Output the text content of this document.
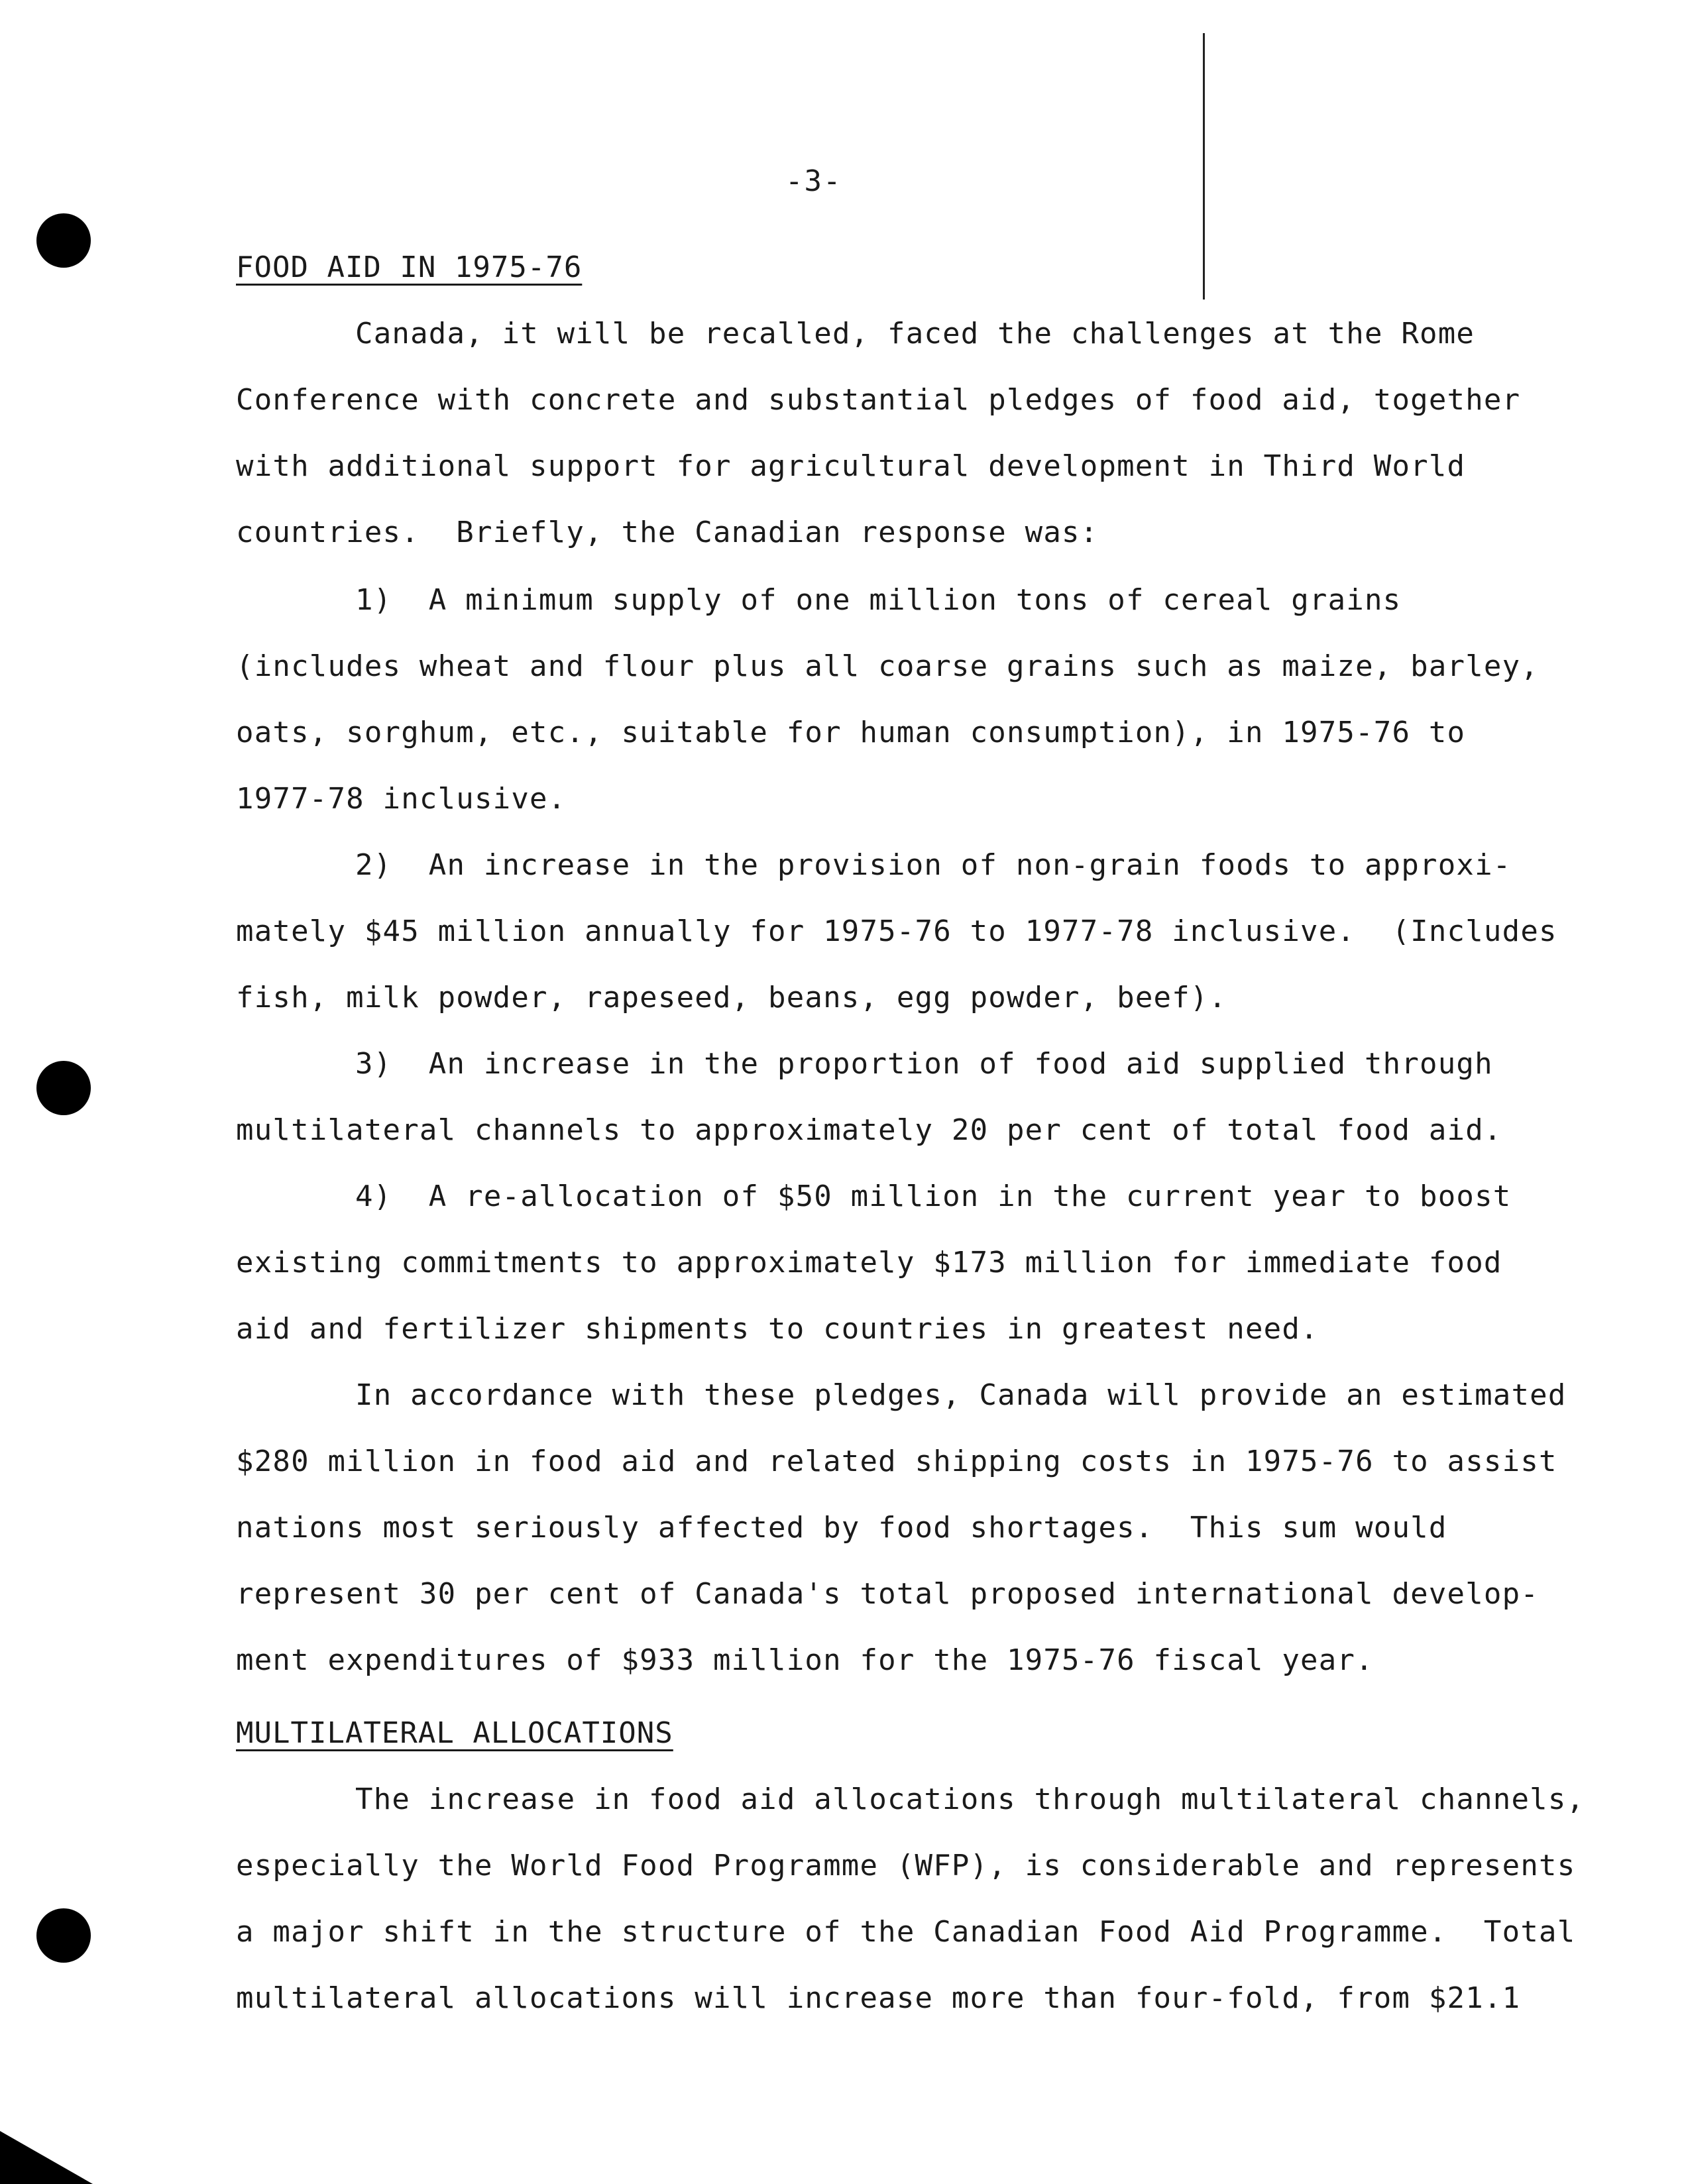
-3-
FOOD AID IN 1975-76
Canada, it will be recalled, faced the challenges at the Rome
Conference with concrete and substantial pledges of food aid, together
with additional support for agricultural development in Third World
countries.  Briefly, the Canadian response was:
1)  A minimum supply of one million tons of cereal grains
(includes wheat and flour plus all coarse grains such as maize, barley,
oats, sorghum, etc., suitable for human consumption), in 1975-76 to
1977-78 inclusive.
2)  An increase in the provision of non-grain foods to approxi-
mately $45 million annually for 1975-76 to 1977-78 inclusive.  (Includes
fish, milk powder, rapeseed, beans, egg powder, beef).
3)  An increase in the proportion of food aid supplied through
multilateral channels to approximately 20 per cent of total food aid.
4)  A re-allocation of $50 million in the current year to boost
existing commitments to approximately $173 million for immediate food
aid and fertilizer shipments to countries in greatest need.
In accordance with these pledges, Canada will provide an estimated
$280 million in food aid and related shipping costs in 1975-76 to assist
nations most seriously affected by food shortages.  This sum would
represent 30 per cent of Canada's total proposed international develop-
ment expenditures of $933 million for the 1975-76 fiscal year.
MULTILATERAL ALLOCATIONS
The increase in food aid allocations through multilateral channels,
especially the World Food Programme (WFP), is considerable and represents
a major shift in the structure of the Canadian Food Aid Programme.  Total
multilateral allocations will increase more than four-fold, from $21.1
